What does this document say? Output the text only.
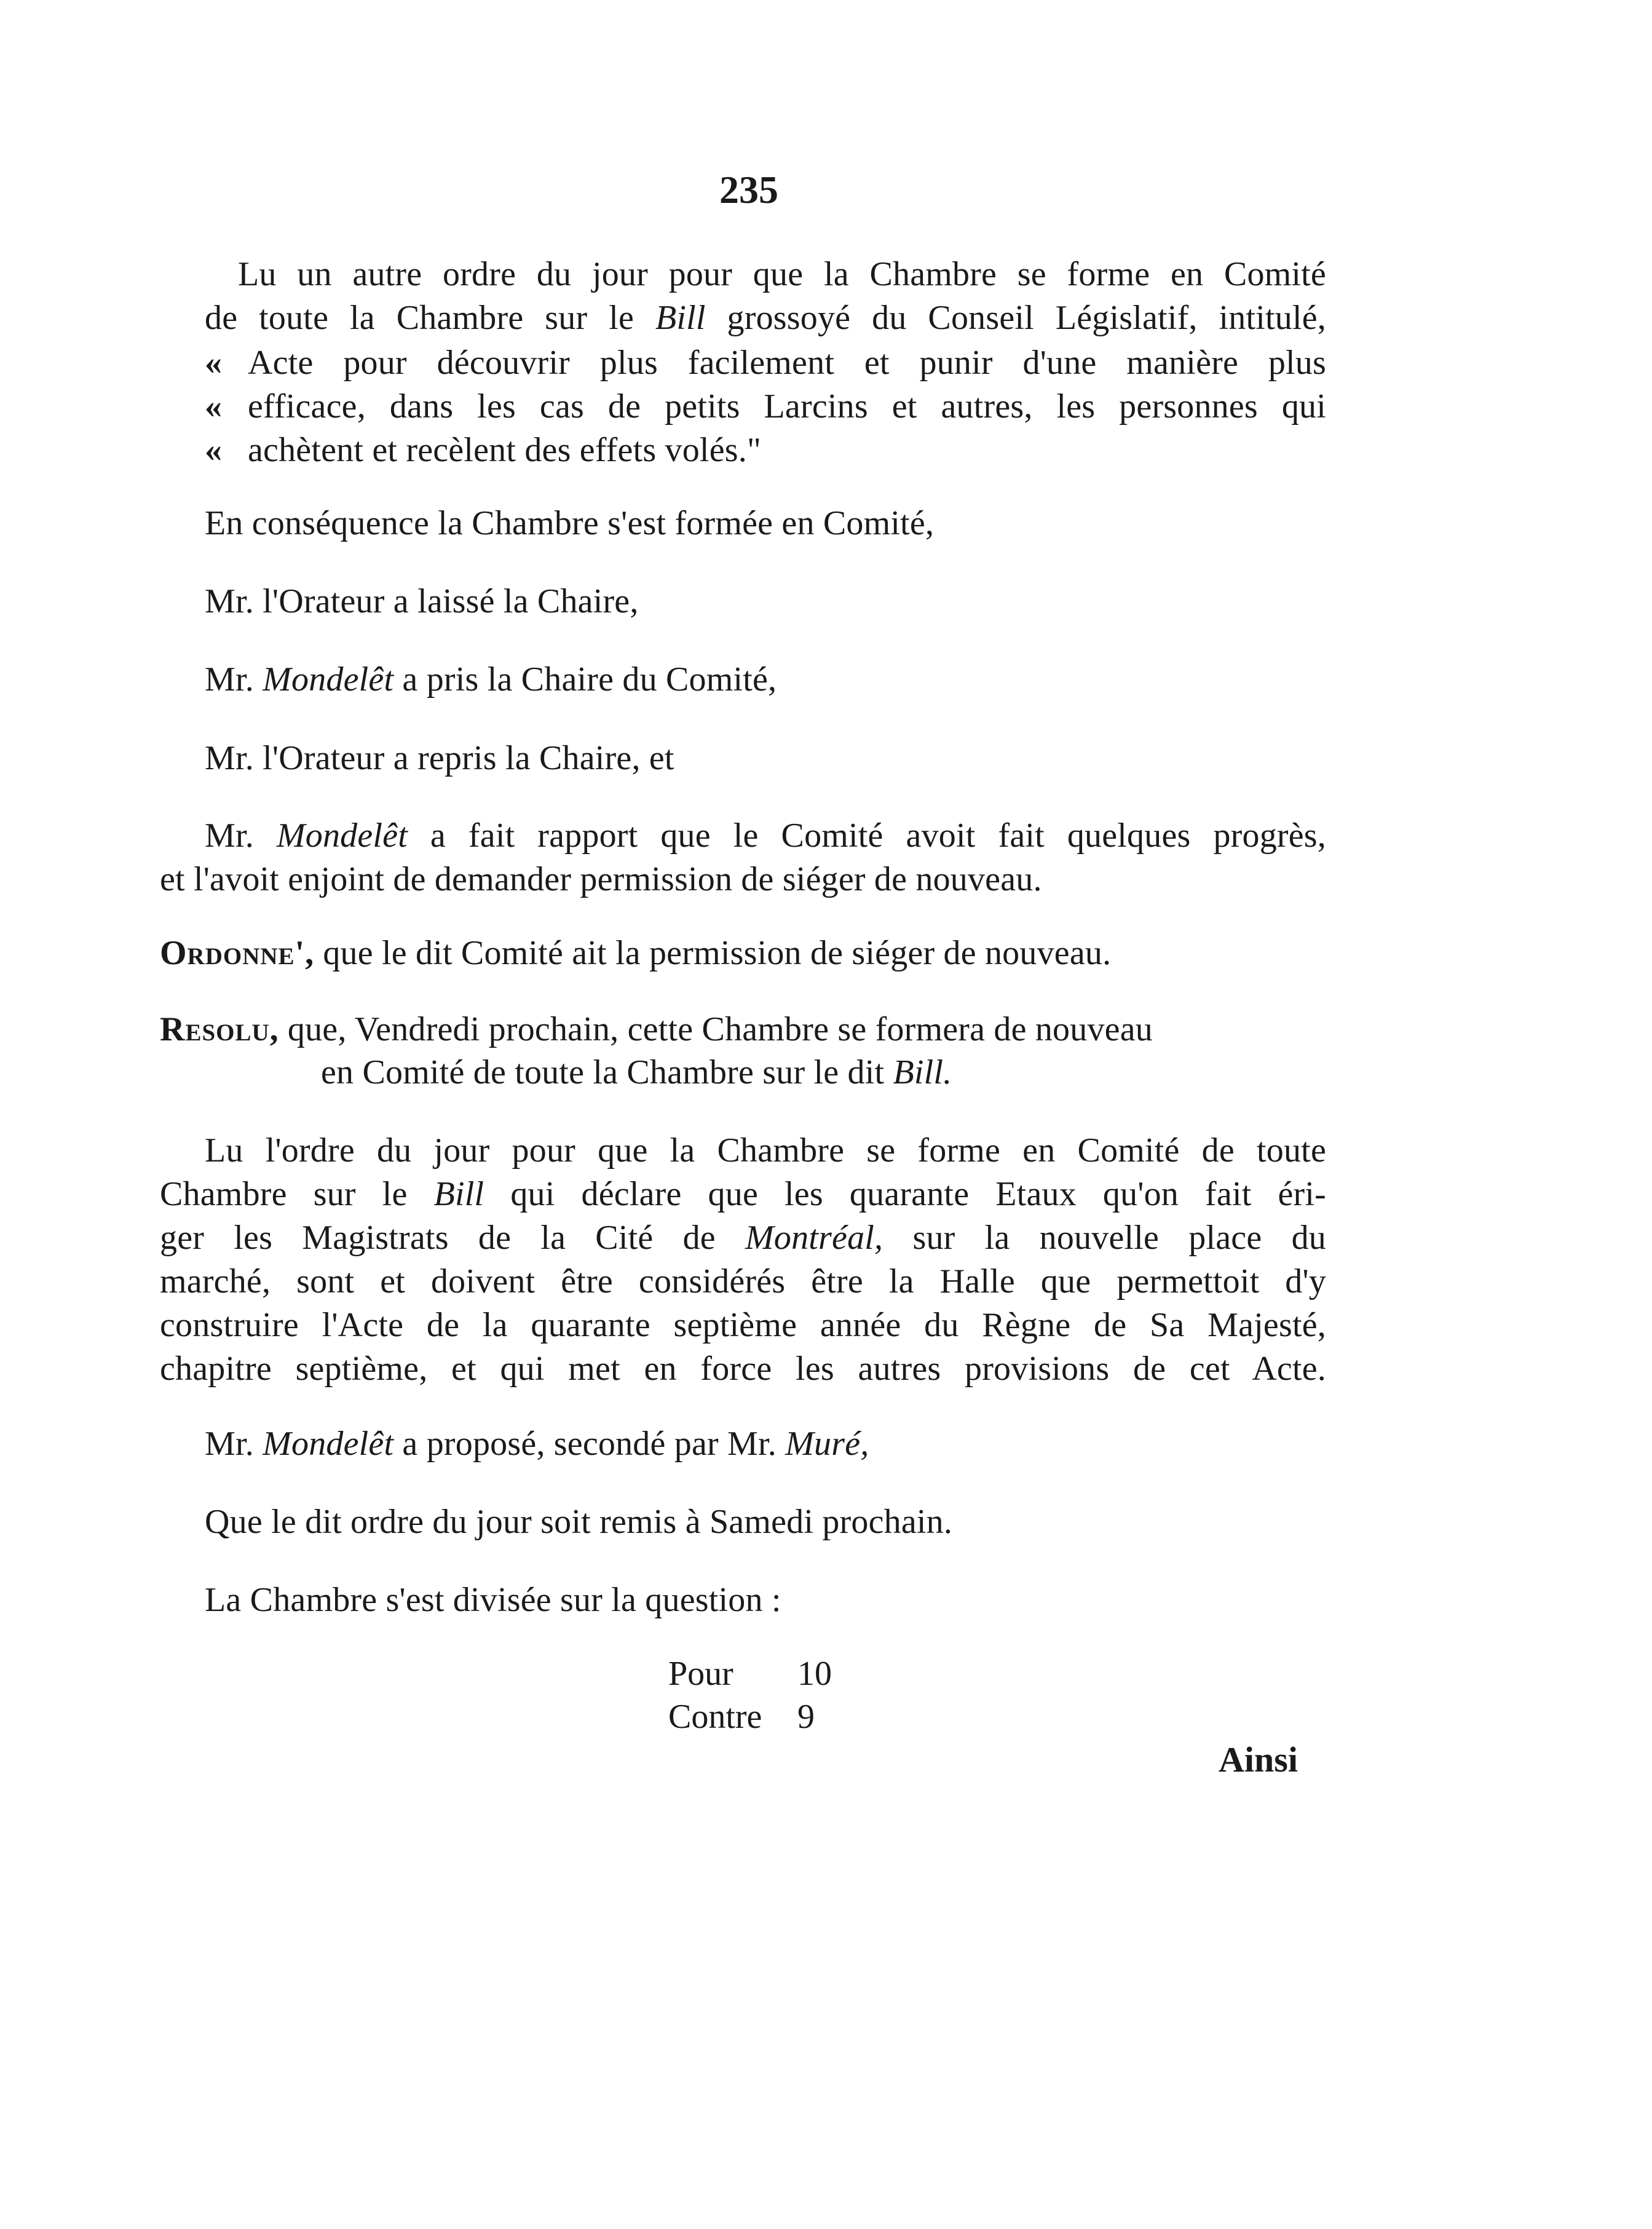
235
Lu un autre ordre du jour pour que la Chambre se forme en Comité
de toute la Chambre sur le Bill grossoyé du Conseil Législatif, intitulé,
« Acte pour découvrir plus facilement et punir d'une manière plus
« efficace, dans les cas de petits Larcins et autres, les personnes qui
« achètent et recèlent des effets volés."
En conséquence la Chambre s'est formée en Comité,
Mr. l'Orateur a laissé la Chaire,
Mr. Mondelêt a pris la Chaire du Comité,
Mr. l'Orateur a repris la Chaire, et
Mr. Mondelêt a fait rapport que le Comité avoit fait quelques progrès,
et l'avoit enjoint de demander permission de siéger de nouveau.
Ordonne', que le dit Comité ait la permission de siéger de nouveau.
Resolu, que, Vendredi prochain, cette Chambre se formera de nouveau
en Comité de toute la Chambre sur le dit Bill.
Lu l'ordre du jour pour que la Chambre se forme en Comité de toute
Chambre sur le Bill qui déclare que les quarante Etaux qu'on fait éri-
ger les Magistrats de la Cité de Montréal, sur la nouvelle place du
marché, sont et doivent être considérés être la Halle que permettoit d'y
construire l'Acte de la quarante septième année du Règne de Sa Majesté,
chapitre septième, et qui met en force les autres provisions de cet Acte.
Mr. Mondelêt a proposé, secondé par Mr. Muré,
Que le dit ordre du jour soit remis à Samedi prochain.
La Chambre s'est divisée sur la question :
Pour 10
Contre 9
Ainsi
